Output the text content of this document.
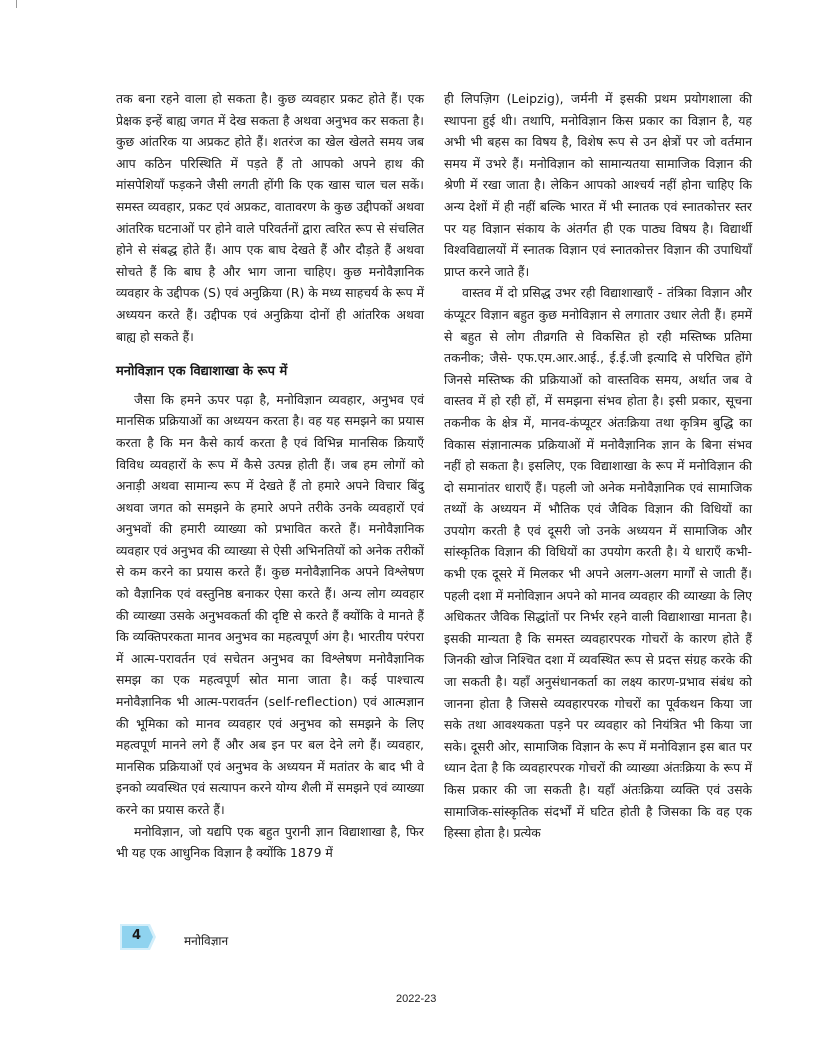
तक बना रहने वाला हो सकता है। कुछ व्यवहार प्रकट होते हैं। एक प्रेक्षक इन्हें बाह्य जगत में देख सकता है अथवा अनुभव कर सकता है। कुछ आंतरिक या अप्रकट होते हैं। शतरंज का खेल खेलते समय जब आप कठिन परिस्थिति में पड़ते हैं तो आपको अपने हाथ की मांसपेशियाँ फड़कने जैसी लगती होंगी कि एक खास चाल चल सकें। समस्त व्यवहार, प्रकट एवं अप्रकट, वातावरण के कुछ उद्दीपकों अथवा आंतरिक घटनाओं पर होने वाले परिवर्तनों द्वारा त्वरित रूप से संचलित होने से संबद्ध होते हैं। आप एक बाघ देखते हैं और दौड़ते हैं अथवा सोचते हैं कि बाघ है और भाग जाना चाहिए। कुछ मनोवैज्ञानिक व्यवहार के उद्दीपक (S) एवं अनुक्रिया (R) के मध्य साहचर्य के रूप में अध्ययन करते हैं। उद्दीपक एवं अनुक्रिया दोनों ही आंतरिक अथवा बाह्य हो सकते हैं।

मनोविज्ञान एक विद्याशाखा के रूप में

जैसा कि हमने ऊपर पढ़ा है, मनोविज्ञान व्यवहार, अनुभव एवं मानसिक प्रक्रियाओं का अध्ययन करता है। वह यह समझने का प्रयास करता है कि मन कैसे कार्य करता है एवं विभिन्न मानसिक क्रियाएँ विविध व्यवहारों के रूप में कैसे उत्पन्न होती हैं। जब हम लोगों को अनाड़ी अथवा सामान्य रूप में देखते हैं तो हमारे अपने विचार बिंदु अथवा जगत को समझने के हमारे अपने तरीके उनके व्यवहारों एवं अनुभवों की हमारी व्याख्या को प्रभावित करते हैं। मनोवैज्ञानिक व्यवहार एवं अनुभव की व्याख्या से ऐसी अभिनतियों को अनेक तरीकों से कम करने का प्रयास करते हैं। कुछ मनोवैज्ञानिक अपने विश्लेषण को वैज्ञानिक एवं वस्तुनिष्ठ बनाकर ऐसा करते हैं। अन्य लोग व्यवहार की व्याख्या उसके अनुभवकर्ता की दृष्टि से करते हैं क्योंकि वे मानते हैं कि व्यक्तिपरकता मानव अनुभव का महत्वपूर्ण अंग है। भारतीय परंपरा में आत्म-परावर्तन एवं सचेतन अनुभव का विश्लेषण मनोवैज्ञानिक समझ का एक महत्वपूर्ण स्रोत माना जाता है। कई पाश्चात्य मनोवैज्ञानिक भी आत्म-परावर्तन (self-reflection) एवं आत्मज्ञान की भूमिका को मानव व्यवहार एवं अनुभव को समझने के लिए महत्वपूर्ण मानने लगे हैं और अब इन पर बल देने लगे हैं। व्यवहार, मानसिक प्रक्रियाओं एवं अनुभव के अध्ययन में मतांतर के बाद भी वे इनको व्यवस्थित एवं सत्यापन करने योग्य शैली में समझने एवं व्याख्या करने का प्रयास करते हैं।

मनोविज्ञान, जो यद्यपि एक बहुत पुरानी ज्ञान विद्याशाखा है, फिर भी यह एक आधुनिक विज्ञान है क्योंकि 1879 में

ही लिपज़िग (Leipzig), जर्मनी में इसकी प्रथम प्रयोगशाला की स्थापना हुई थी। तथापि, मनोविज्ञान किस प्रकार का विज्ञान है, यह अभी भी बहस का विषय है, विशेष रूप से उन क्षेत्रों पर जो वर्तमान समय में उभरे हैं। मनोविज्ञान को सामान्यतया सामाजिक विज्ञान की श्रेणी में रखा जाता है। लेकिन आपको आश्चर्य नहीं होना चाहिए कि अन्य देशों में ही नहीं बल्कि भारत में भी स्नातक एवं स्नातकोत्तर स्तर पर यह विज्ञान संकाय के अंतर्गत ही एक पाठ्य विषय है। विद्यार्थी विश्वविद्यालयों में स्नातक विज्ञान एवं स्नातकोत्तर विज्ञान की उपाधियाँ प्राप्त करने जाते हैं।

वास्तव में दो प्रसिद्ध उभर रही विद्याशाखाएँ - तंत्रिका विज्ञान और कंप्यूटर विज्ञान बहुत कुछ मनोविज्ञान से लगातार उधार लेती हैं। हममें से बहुत से लोग तीव्रगति से विकसित हो रही मस्तिष्क प्रतिमा तकनीक; जैसे- एफ.एम.आर.आई., ई.ई.जी इत्यादि से परिचित होंगे जिनसे मस्तिष्क की प्रक्रियाओं को वास्तविक समय, अर्थात जब वे वास्तव में हो रही हों, में समझना संभव होता है। इसी प्रकार, सूचना तकनीक के क्षेत्र में, मानव-कंप्यूटर अंतःक्रिया तथा कृत्रिम बुद्धि का विकास संज्ञानात्मक प्रक्रियाओं में मनोवैज्ञानिक ज्ञान के बिना संभव नहीं हो सकता है। इसलिए, एक विद्याशाखा के रूप में मनोविज्ञान की दो समानांतर धाराएँ हैं। पहली जो अनेक मनोवैज्ञानिक एवं सामाजिक तथ्यों के अध्ययन में भौतिक एवं जैविक विज्ञान की विधियों का उपयोग करती है एवं दूसरी जो उनके अध्ययन में सामाजिक और सांस्कृतिक विज्ञान की विधियों का उपयोग करती है। ये धाराएँ कभी-कभी एक दूसरे में मिलकर भी अपने अलग-अलग मार्गों से जाती हैं। पहली दशा में मनोविज्ञान अपने को मानव व्यवहार की व्याख्या के लिए अधिकतर जैविक सिद्धांतों पर निर्भर रहने वाली विद्याशाखा मानता है। इसकी मान्यता है कि समस्त व्यवहारपरक गोचरों के कारण होते हैं जिनकी खोज निश्चित दशा में व्यवस्थित रूप से प्रदत्त संग्रह करके की जा सकती है। यहाँ अनुसंधानकर्ता का लक्ष्य कारण-प्रभाव संबंध को जानना होता है जिससे व्यवहारपरक गोचरों का पूर्वकथन किया जा सके तथा आवश्यकता पड़ने पर व्यवहार को नियंत्रित भी किया जा सके। दूसरी ओर, सामाजिक विज्ञान के रूप में मनोविज्ञान इस बात पर ध्यान देता है कि व्यवहारपरक गोचरों की व्याख्या अंतःक्रिया के रूप में किस प्रकार की जा सकती है। यहाँ अंतःक्रिया व्यक्ति एवं उसके सामाजिक-सांस्कृतिक संदर्भों में घटित होती है जिसका कि वह एक हिस्सा होता है। प्रत्येक

4	मनोविज्ञान
2022-23
